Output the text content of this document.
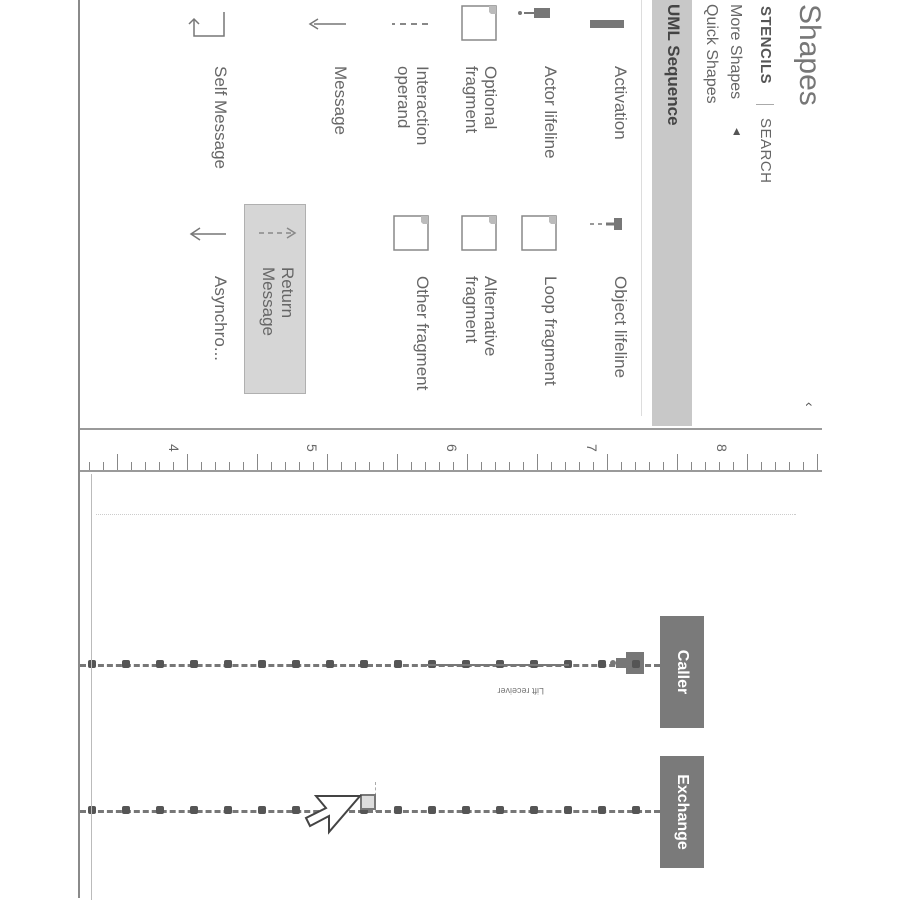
Shapes
‹
STENCILS
SEARCH
More Shapes
◂
Quick Shapes
UML Sequence
Activation
Object lifeline
Actor lifeline
Loop fragment
Optional fragment
Alternative fragment
Interaction operand
Other fragment
Message
Return Message
Self Message
Asynchro...
8
7
6
5
4
Caller
Exchange
Lift receiver
